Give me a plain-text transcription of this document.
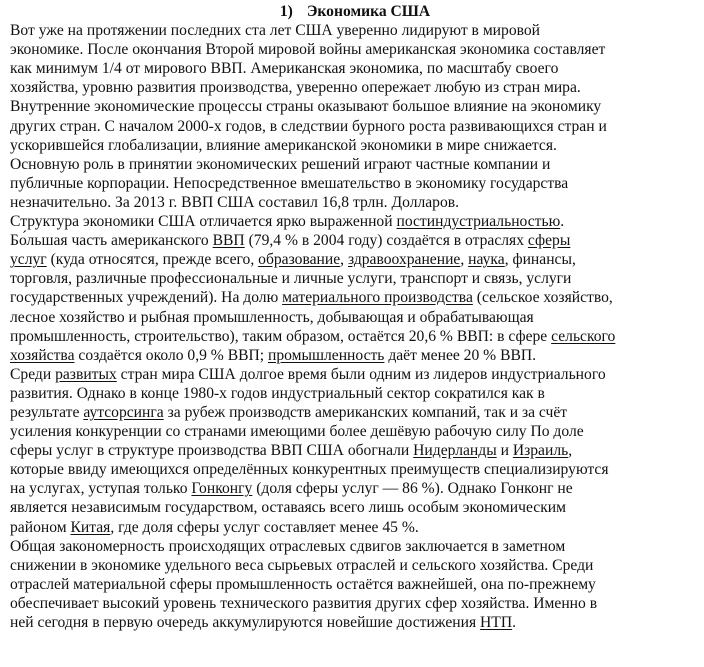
1) Экономика США
Вот уже на протяжении последних ста лет США уверенно лидируют в мировой
экономике. После окончания Второй мировой войны американская экономика составляет
как минимум 1/4 от мирового ВВП. Американская экономика, по масштабу своего
хозяйства, уровню развития производства, уверенно опережает любую из стран мира.
Внутренние экономические процессы страны оказывают большое влияние на экономику
других стран. С началом 2000-х годов, в следствии бурного роста развивающихся стран и
ускорившейся глобализации, влияние американской экономики в мире снижается.
Основную роль в принятии экономических решений играют частные компании и
публичные корпорации. Непосредственное вмешательство в экономику государства
незначительно. За 2013 г. ВВП США составил 16,8 трлн. Долларов.
Структура экономики США отличается ярко выраженной постиндустриальностью.
Бо́льшая часть американского ВВП (79,4 % в 2004 году) создаётся в отраслях сферы
услуг (куда относятся, прежде всего, образование, здравоохранение, наука, финансы,
торговля, различные профессиональные и личные услуги, транспорт и связь, услуги
государственных учреждений). На долю материального производства (сельское хозяйство,
лесное хозяйство и рыбная промышленность, добывающая и обрабатывающая
промышленность, строительство), таким образом, остаётся 20,6 % ВВП: в сфере сельского
хозяйства создаётся около 0,9 % ВВП; промышленность даёт менее 20 % ВВП.
Среди развитых стран мира США долгое время были одним из лидеров индустриального
развития. Однако в конце 1980-х годов индустриальный сектор сократился как в
результате аутсорсинга за рубеж производств американских компаний, так и за счёт
усиления конкуренции со странами имеющими более дешёвую рабочую силу По доле
сферы услуг в структуре производства ВВП США обогнали Нидерланды и Израиль,
которые ввиду имеющихся определённых конкурентных преимуществ специализируются
на услугах, уступая только Гонконгу (доля сферы услуг — 86 %). Однако Гонконг не
является независимым государством, оставаясь всего лишь особым экономическим
районом Китая, где доля сферы услуг составляет менее 45 %.
Общая закономерность происходящих отраслевых сдвигов заключается в заметном
снижении в экономике удельного веса сырьевых отраслей и сельского хозяйства. Среди
отраслей материальной сферы промышленность остаётся важнейшей, она по-прежнему
обеспечивает высокий уровень технического развития других сфер хозяйства. Именно в
ней сегодня в первую очередь аккумулируются новейшие достижения НТП.
